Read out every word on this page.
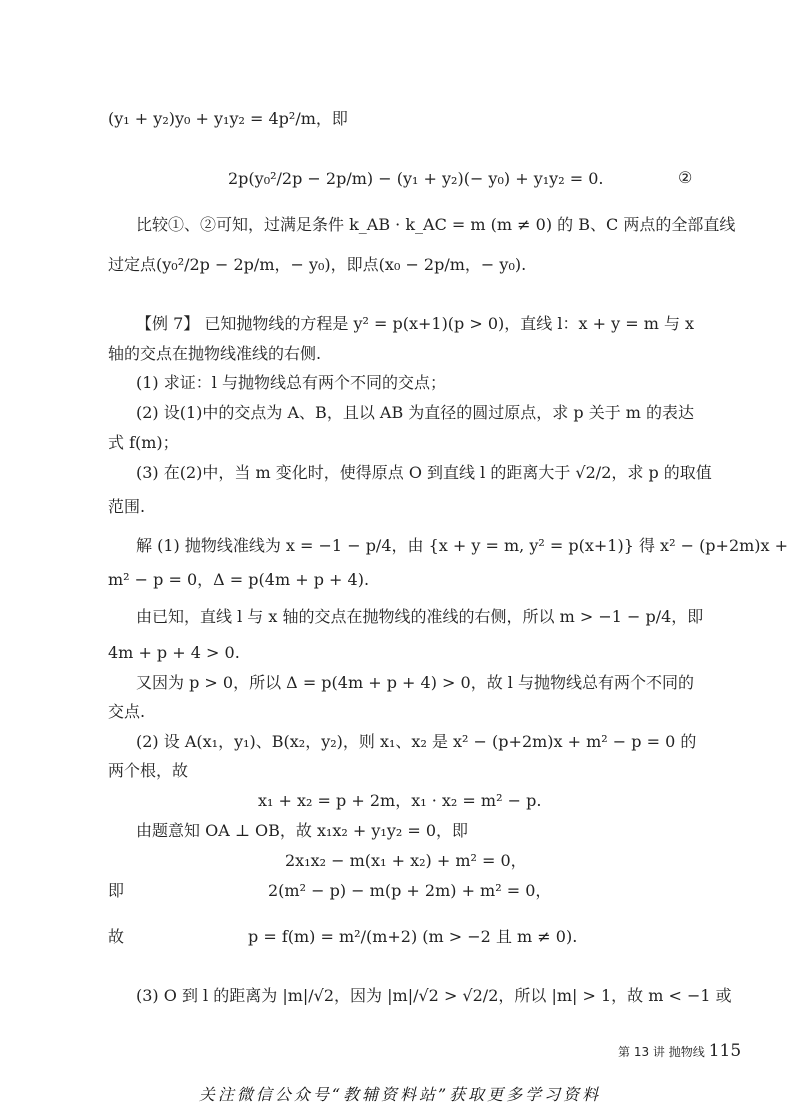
(y₁ + y₂)y₀ + y₁y₂ = 4p²/m，即
2p(y₀²/2p − 2p/m) − (y₁ + y₂)(− y₀) + y₁y₂ = 0.	②
比较①、②可知，过满足条件 k_AB · k_AC = m (m ≠ 0) 的 B、C 两点的全部直线
过定点(y₀²/2p − 2p/m，− y₀)，即点(x₀ − 2p/m，− y₀).
【例 7】 已知抛物线的方程是 y² = p(x+1)(p > 0)，直线 l：x + y = m 与 x
轴的交点在抛物线准线的右侧.
(1) 求证：l 与抛物线总有两个不同的交点；
(2) 设(1)中的交点为 A、B，且以 AB 为直径的圆过原点，求 p 关于 m 的表达
式 f(m)；
(3) 在(2)中，当 m 变化时，使得原点 O 到直线 l 的距离大于 √2/2，求 p 的取值
范围.
解 (1) 抛物线准线为 x = −1 − p/4，由 {x + y = m, y² = p(x+1)} 得 x² − (p+2m)x +
m² − p = 0，Δ = p(4m + p + 4).
由已知，直线 l 与 x 轴的交点在抛物线的准线的右侧，所以 m > −1 − p/4，即
4m + p + 4 > 0.
又因为 p > 0，所以 Δ = p(4m + p + 4) > 0，故 l 与抛物线总有两个不同的
交点.
(2) 设 A(x₁，y₁)、B(x₂，y₂)，则 x₁、x₂ 是 x² − (p+2m)x + m² − p = 0 的
两个根，故
x₁ + x₂ = p + 2m，x₁ · x₂ = m² − p.
由题意知 OA ⊥ OB，故 x₁x₂ + y₁y₂ = 0，即
2x₁x₂ − m(x₁ + x₂) + m² = 0，
即	2(m² − p) − m(p + 2m) + m² = 0，
故	p = f(m) = m²/(m+2) (m > −2 且 m ≠ 0).
(3) O 到 l 的距离为 |m|/√2，因为 |m|/√2 > √2/2，所以 |m| > 1，故 m < −1 或
第 13 讲 抛物线 115
关注微信公众号“教辅资料站”获取更多学习资料
